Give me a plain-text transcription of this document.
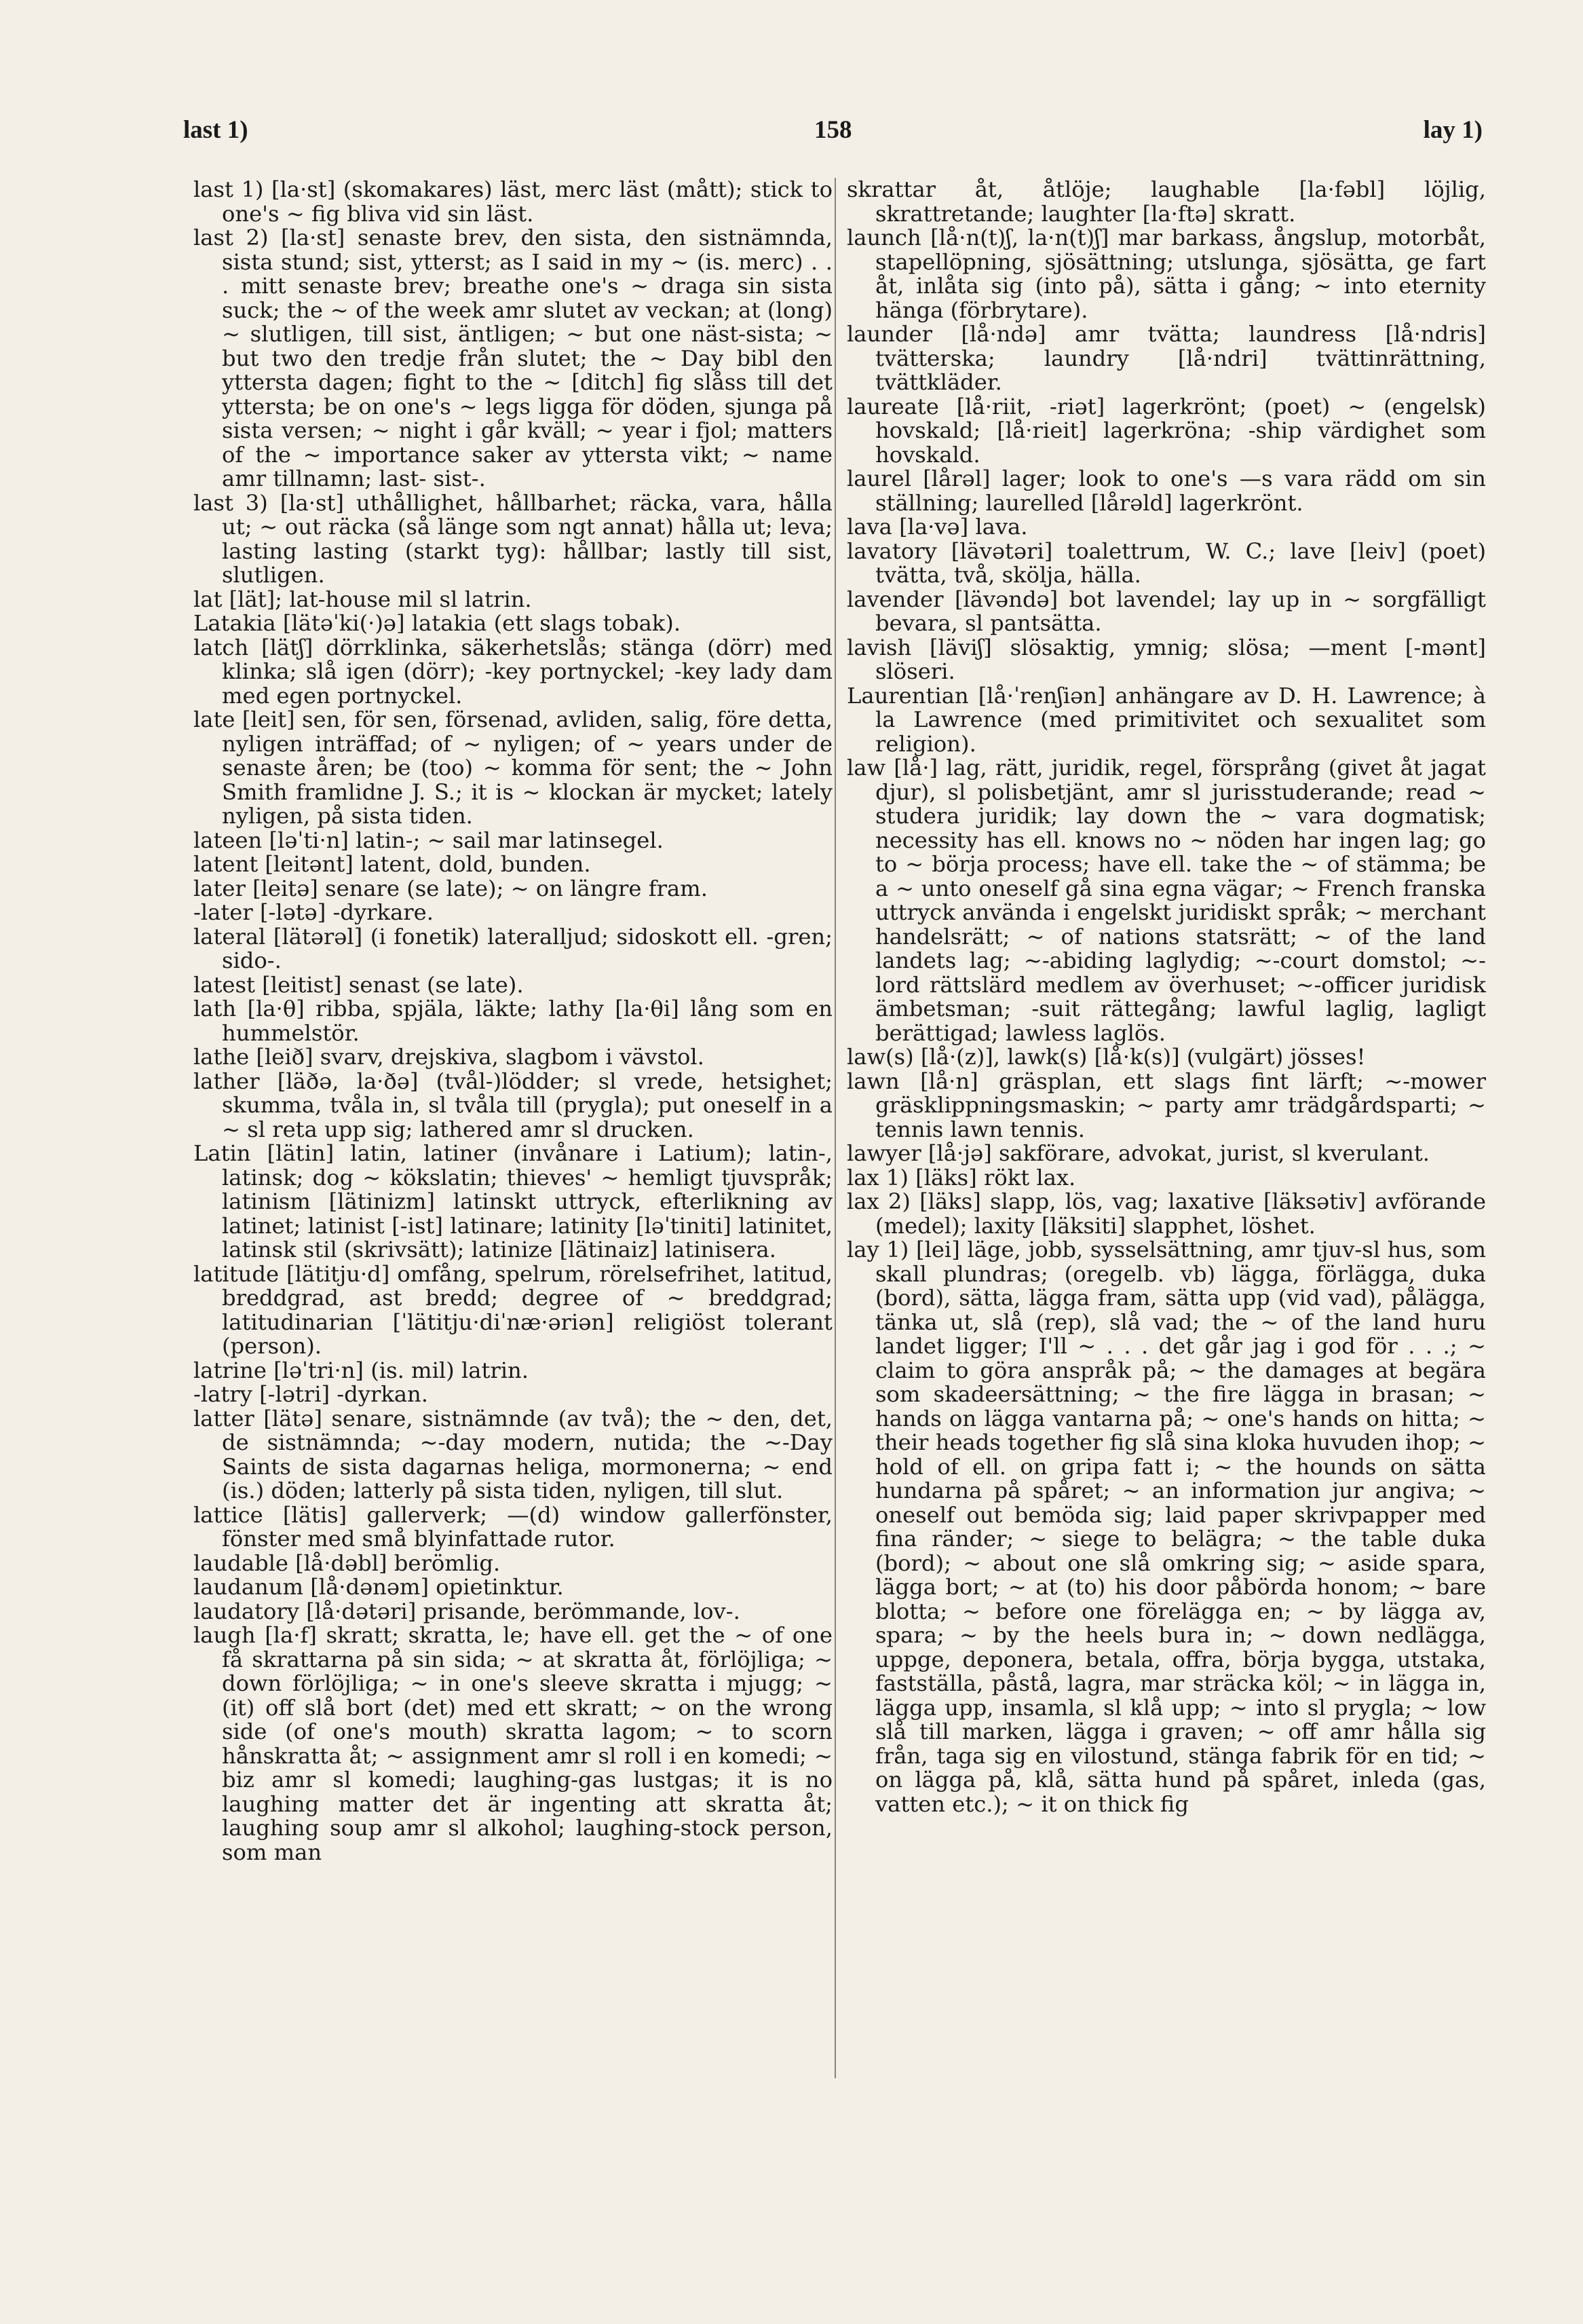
last 1)	158	lay 1)

last 1) [la·st] (skomakares) läst, merc läst (mått); stick to one's ~ fig bliva vid sin läst.

last 2) [la·st] senaste brev, den sista, den sistnämnda, sista stund; sist, ytterst; as I said in my ~ (is. merc) . . . mitt senaste brev; breathe one's ~ draga sin sista suck; the ~ of the week amr slutet av veckan; at (long) ~ slutligen, till sist, äntligen; ~ but one näst-sista; ~ but two den tredje från slutet; the ~ Day bibl den yttersta dagen; fight to the ~ [ditch] fig slåss till det yttersta; be on one's ~ legs ligga för döden, sjunga på sista versen; ~ night i går kväll; ~ year i fjol; matters of the ~ importance saker av yttersta vikt; ~ name amr tillnamn; last- sist-.

last 3) [la·st] uthållighet, hållbarhet; räcka, vara, hålla ut; ~ out räcka (så länge som ngt annat) hålla ut; leva; lasting lasting (starkt tyg): hållbar; lastly till sist, slutligen.

lat [lät]; lat-house mil sl latrin.

Latakia [lätəˈki(·)ə] latakia (ett slags tobak).

latch [lätʃ] dörrklinka, säkerhetslås; stänga (dörr) med klinka; slå igen (dörr); -key portnyckel; -key lady dam med egen portnyckel.

late [leit] sen, för sen, försenad, avliden, salig, före detta, nyligen inträffad; of ~ nyligen; of ~ years under de senaste åren; be (too) ~ komma för sent; the ~ John Smith framlidne J. S.; it is ~ klockan är mycket; lately nyligen, på sista tiden.

lateen [ləˈti·n] latin-; ~ sail mar latinsegel.

latent [leitənt] latent, dold, bunden.

later [leitə] senare (se late); ~ on längre fram.

-later [-lətə] -dyrkare.

lateral [lätərəl] (i fonetik) lateralljud; sidoskott ell. -gren; sido-.

latest [leitist] senast (se late).

lath [la·θ] ribba, spjäla, läkte; lathy [la·θi] lång som en hummelstör.

lathe [leið] svarv, drejskiva, slagbom i vävstol.

lather [läðə, la·ðə] (tvål-)lödder; sl vrede, hetsighet; skumma, tvåla in, sl tvåla till (prygla); put oneself in a ~ sl reta upp sig; lathered amr sl drucken.

Latin [lätin] latin, latiner (invånare i Latium); latin-, latinsk; dog ~ kökslatin; thieves' ~ hemligt tjuvspråk; latinism [lätinizm] latinskt uttryck, efterlikning av latinet; latinist [-ist] latinare; latinity [ləˈtiniti] latinitet, latinsk stil (skrivsätt); latinize [lätinaiz] latinisera.

latitude [lätitju·d] omfång, spelrum, rörelsefrihet, latitud, breddgrad, ast bredd; degree of ~ breddgrad; latitudinarian [ˈlätitju·diˈnæ·əriən] religiöst tolerant (person).

latrine [ləˈtri·n] (is. mil) latrin.

-latry [-lətri] -dyrkan.

latter [lätə] senare, sistnämnde (av två); the ~ den, det, de sistnämnda; ~-day modern, nutida; the ~-Day Saints de sista dagarnas heliga, mormonerna; ~ end (is.) döden; latterly på sista tiden, nyligen, till slut.

lattice [lätis] gallerverk; —(d) window gallerfönster, fönster med små blyinfattade rutor.

laudable [lå·dəbl] berömlig.

laudanum [lå·dənəm] opietinktur.

laudatory [lå·dətəri] prisande, berömmande, lov-.

laugh [la·f] skratt; skratta, le; have ell. get the ~ of one få skrattarna på sin sida; ~ at skratta åt, förlöjliga; ~ down förlöjliga; ~ in one's sleeve skratta i mjugg; ~ (it) off slå bort (det) med ett skratt; ~ on the wrong side (of one's mouth) skratta lagom; ~ to scorn hånskratta åt; ~ assignment amr sl roll i en komedi; ~ biz amr sl komedi; laughing-gas lustgas; it is no laughing matter det är ingenting att skratta åt; laughing soup amr sl alkohol; laughing-stock person, som man

skrattar åt, åtlöje; laughable [la·fəbl] löjlig, skrattretande; laughter [la·ftə] skratt.

launch [lå·n(t)ʃ, la·n(t)ʃ] mar barkass, ångslup, motorbåt, stapellöpning, sjösättning; utslunga, sjösätta, ge fart åt, inlåta sig (into på), sätta i gång; ~ into eternity hänga (förbrytare).

launder [lå·ndə] amr tvätta; laundress [lå·ndris] tvätterska; laundry [lå·ndri] tvättinrättning, tvättkläder.

laureate [lå·riit, -riət] lagerkrönt; (poet) ~ (engelsk) hovskald; [lå·rieit] lagerkröna; -ship värdighet som hovskald.

laurel [lårəl] lager; look to one's —s vara rädd om sin ställning; laurelled [lårəld] lagerkrönt.

lava [la·və] lava.

lavatory [lävətəri] toalettrum, W. C.; lave [leiv] (poet) tvätta, två, skölja, hälla.

lavender [lävəndə] bot lavendel; lay up in ~ sorgfälligt bevara, sl pantsätta.

lavish [läviʃ] slösaktig, ymnig; slösa; —ment [-mənt] slöseri.

Laurentian [lå·ˈrenʃiən] anhängare av D. H. Lawrence; à la Lawrence (med primitivitet och sexualitet som religion).

law [lå·] lag, rätt, juridik, regel, försprång (givet åt jagat djur), sl polisbetjänt, amr sl jurisstuderande; read ~ studera juridik; lay down the ~ vara dogmatisk; necessity has ell. knows no ~ nöden har ingen lag; go to ~ börja process; have ell. take the ~ of stämma; be a ~ unto oneself gå sina egna vägar; ~ French franska uttryck använda i engelskt juridiskt språk; ~ merchant handelsrätt; ~ of nations statsrätt; ~ of the land landets lag; ~-abiding laglydig; ~-court domstol; ~-lord rättslärd medlem av överhuset; ~-officer juridisk ämbetsman; -suit rättegång; lawful laglig, lagligt berättigad; lawless laglös.

law(s) [lå·(z)], lawk(s) [lå·k(s)] (vulgärt) jösses!

lawn [lå·n] gräsplan, ett slags fint lärft; ~-mower gräsklippningsmaskin; ~ party amr trädgårdsparti; ~ tennis lawn tennis.

lawyer [lå·jə] sakförare, advokat, jurist, sl kverulant.

lax 1) [läks] rökt lax.

lax 2) [läks] slapp, lös, vag; laxative [läksətiv] avförande (medel); laxity [läksiti] slapphet, löshet.

lay 1) [lei] läge, jobb, sysselsättning, amr tjuv-sl hus, som skall plundras; (oregelb. vb) lägga, förlägga, duka (bord), sätta, lägga fram, sätta upp (vid vad), pålägga, tänka ut, slå (rep), slå vad; the ~ of the land huru landet ligger; I'll ~ . . . det går jag i god för . . .; ~ claim to göra anspråk på; ~ the damages at begära som skadeersättning; ~ the fire lägga in brasan; ~ hands on lägga vantarna på; ~ one's hands on hitta; ~ their heads together fig slå sina kloka huvuden ihop; ~ hold of ell. on gripa fatt i; ~ the hounds on sätta hundarna på spåret; ~ an information jur angiva; ~ oneself out bemöda sig; laid paper skrivpapper med fina ränder; ~ siege to belägra; ~ the table duka (bord); ~ about one slå omkring sig; ~ aside spara, lägga bort; ~ at (to) his door påbörda honom; ~ bare blotta; ~ before one förelägga en; ~ by lägga av, spara; ~ by the heels bura in; ~ down nedlägga, uppge, deponera, betala, offra, börja bygga, utstaka, fastställa, påstå, lagra, mar sträcka köl; ~ in lägga in, lägga upp, insamla, sl klå upp; ~ into sl prygla; ~ low slå till marken, lägga i graven; ~ off amr hålla sig från, taga sig en vilostund, stänga fabrik för en tid; ~ on lägga på, klå, sätta hund på spåret, inleda (gas, vatten etc.); ~ it on thick fig
